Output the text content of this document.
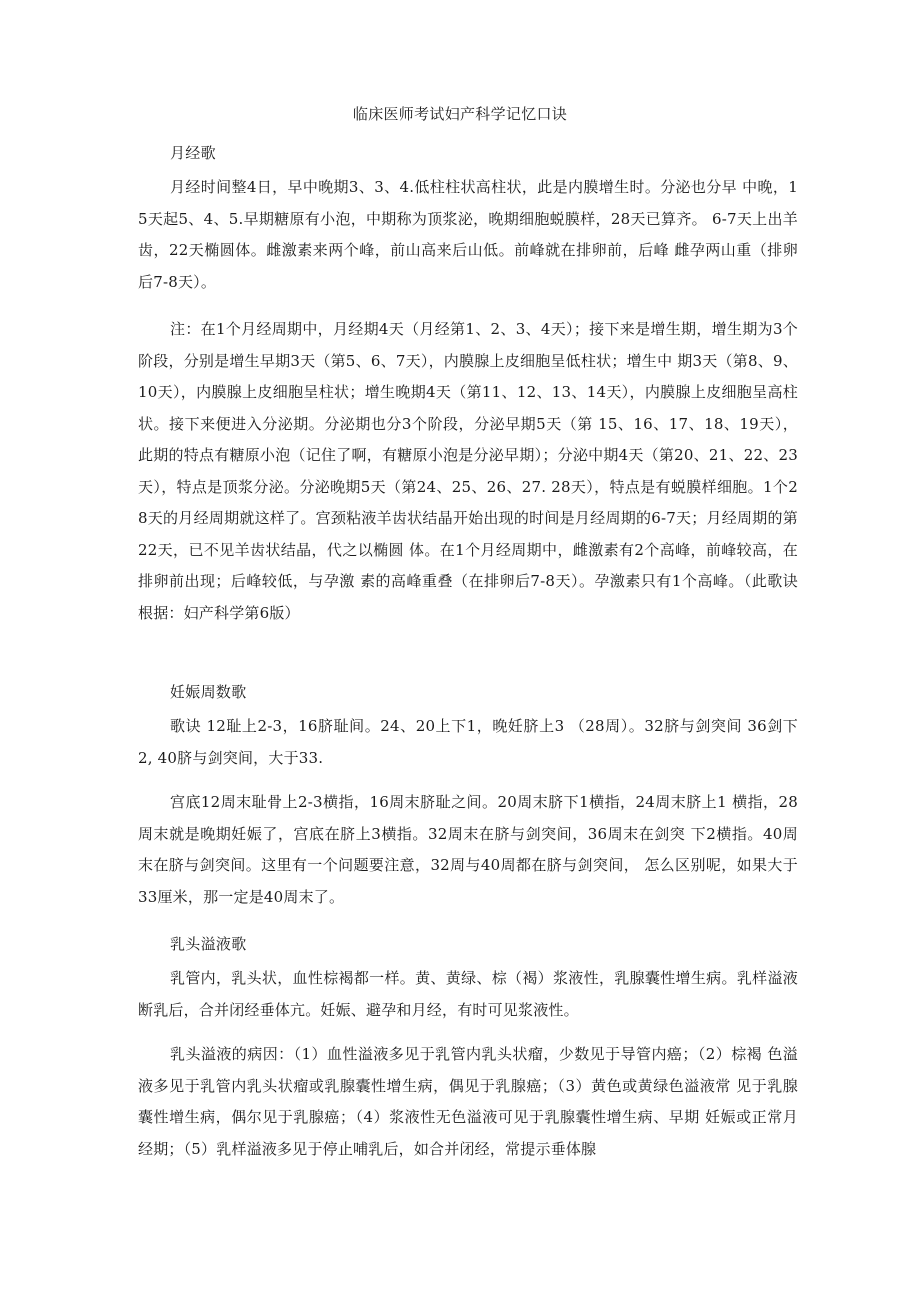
临床医师考试妇产科学记忆口诀
月经歌
月经时间整4日，早中晚期3、3、4.低柱柱状高柱状，此是内膜增生时。分泌也分早 中晚，15天起5、4、5.早期糖原有小泡，中期称为顶浆泌，晚期细胞蜕膜样，28天已算齐。 6-7天上出羊齿，22天椭圆体。雌激素来两个峰，前山高来后山低。前峰就在排卵前，后峰 雌孕两山重（排卵后7-8天）。
注：在1个月经周期中，月经期4天（月经第1、2、3、4天）；接下来是增生期，增生期为3个阶段，分别是增生早期3天（第5、6、7天），内膜腺上皮细胞呈低柱状；增生中 期3天（第8、9、10天），内膜腺上皮细胞呈柱状；增生晚期4天（第11、12、13、14天），内膜腺上皮细胞呈高柱状。接下来便进入分泌期。分泌期也分3个阶段，分泌早期5天（第 15、16、17、18、19天），此期的特点有糖原小泡（记住了啊，有糖原小泡是分泌早期）；分泌中期4天（第20、21、22、23天），特点是顶浆分泌。分泌晚期5天（第24、25、26、27. 28天），特点是有蜕膜样细胞。1个28天的月经周期就这样了。宫颈粘液羊齿状结晶开始出现的时间是月经周期的6-7天；月经周期的第22天，已不见羊齿状结晶，代之以椭圆 体。在1个月经周期中，雌激素有2个高峰，前峰较高，在排卵前出现；后峰较低，与孕激 素的高峰重叠（在排卵后7-8天）。孕激素只有1个高峰。（此歌诀根据：妇产科学第6版）
妊娠周数歌
歌诀 12耻上2-3，16脐耻间。24、20上下1，晚妊脐上3 （28周）。32脐与剑突间 36剑下2, 40脐与剑突间，大于33.
宫底12周末耻骨上2-3横指，16周末脐耻之间。20周末脐下1横指，24周末脐上1 横指，28周末就是晚期妊娠了，宫底在脐上3横指。32周末在脐与剑突间，36周末在剑突 下2横指。40周末在脐与剑突间。这里有一个问题要注意，32周与40周都在脐与剑突间， 怎么区别呢，如果大于33厘米，那一定是40周末了。
乳头溢液歌
乳管内，乳头状，血性棕褐都一样。黄、黄绿、棕（褐）浆液性，乳腺囊性增生病。乳样溢液断乳后，合并闭经垂体亢。妊娠、避孕和月经，有时可见浆液性。
乳头溢液的病因：（1）血性溢液多见于乳管内乳头状瘤，少数见于导管内癌；（2）棕褐 色溢液多见于乳管内乳头状瘤或乳腺囊性增生病，偶见于乳腺癌；（3）黄色或黄绿色溢液常 见于乳腺囊性增生病，偶尔见于乳腺癌；（4）浆液性无色溢液可见于乳腺囊性增生病、早期 妊娠或正常月经期；（5）乳样溢液多见于停止哺乳后，如合并闭经，常提示垂体腺
